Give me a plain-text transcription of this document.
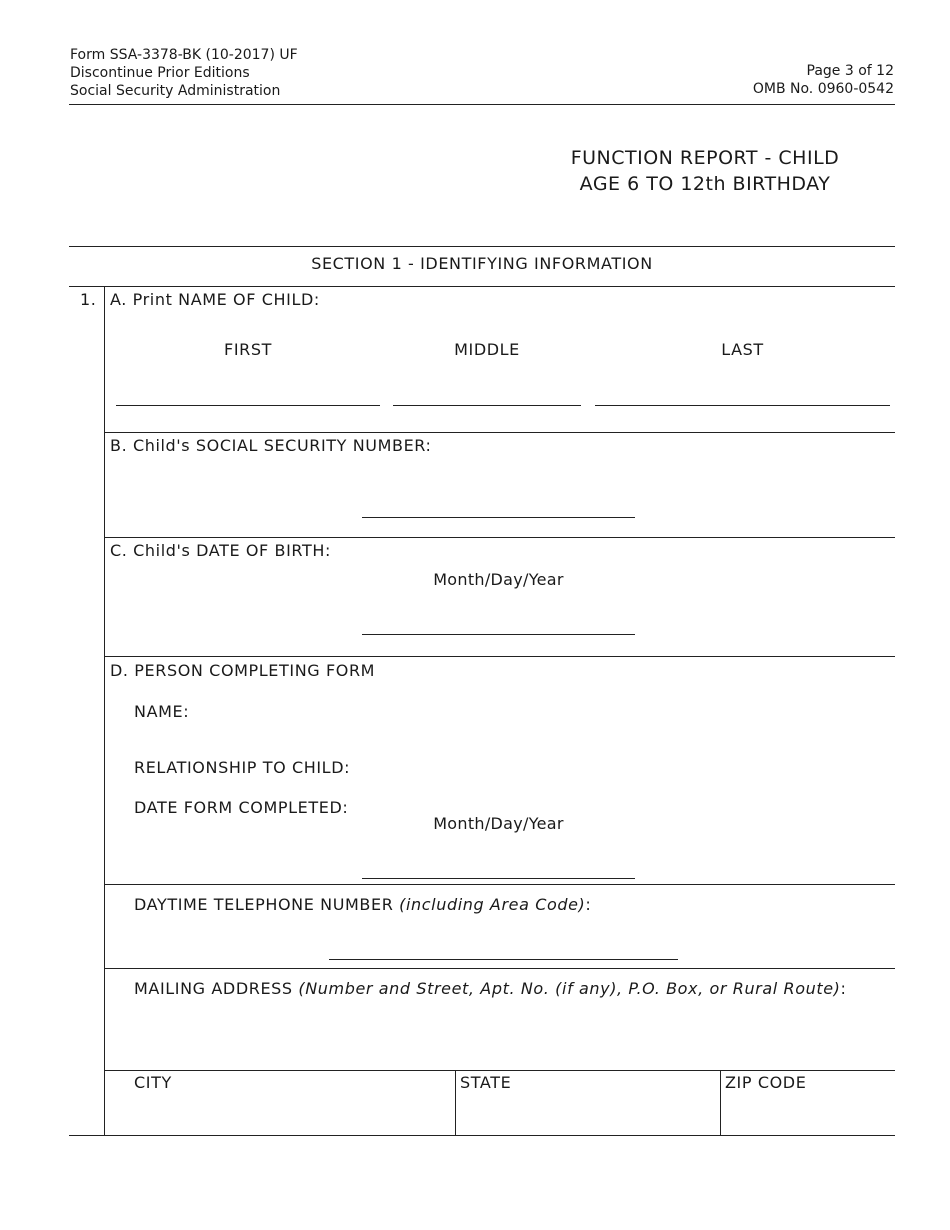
Form SSA-3378-BK (10-2017) UF
Discontinue Prior Editions
Social Security Administration
Page 3 of 12
OMB No. 0960-0542
FUNCTION REPORT - CHILD
AGE 6 TO 12th BIRTHDAY
SECTION 1 - IDENTIFYING INFORMATION
1. A. Print NAME OF CHILD:
FIRST	MIDDLE	LAST
B. Child's SOCIAL SECURITY NUMBER:
C. Child's DATE OF BIRTH:
Month/Day/Year
D. PERSON COMPLETING FORM
NAME:
RELATIONSHIP TO CHILD:
DATE FORM COMPLETED:
Month/Day/Year
DAYTIME TELEPHONE NUMBER (including Area Code):
MAILING ADDRESS (Number and Street, Apt. No. (if any), P.O. Box, or Rural Route):
CITY	STATE	ZIP CODE
